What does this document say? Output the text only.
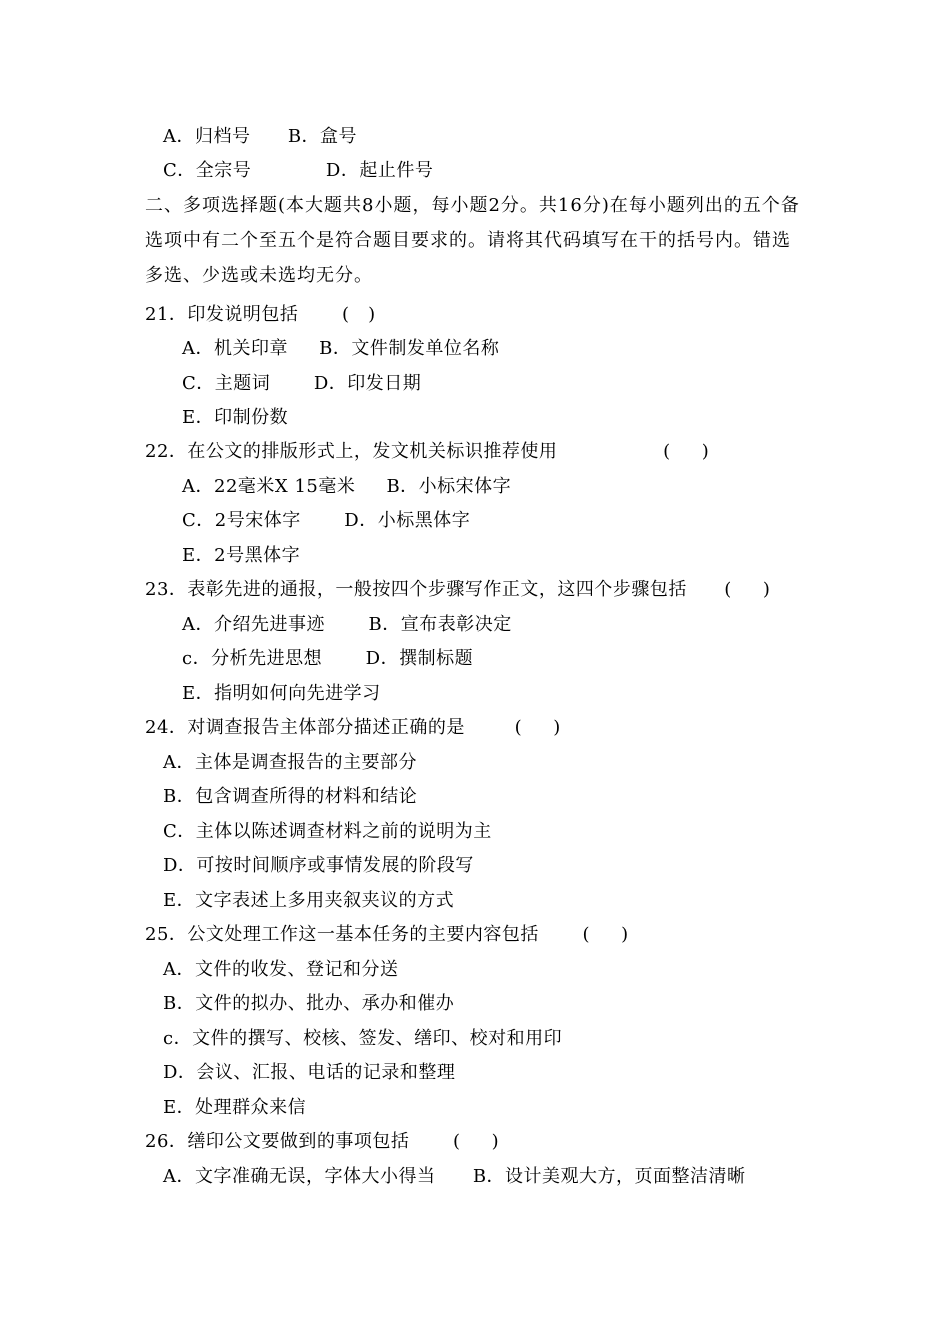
A．归档号      B．盒号
C．全宗号            D．起止件号
二、多项选择题(本大题共8小题，每小题2分。共16分)在每小题列出的五个备
选项中有二个至五个是符合题目要求的。请将其代码填写在干的括号内。错选
多选、少选或未选均无分。
21．印发说明包括       (   )
A．机关印章     B．文件制发单位名称
C．主题词       D．印发日期
E．印制份数
22．在公文的排版形式上，发文机关标识推荐使用                 (     )
A．22毫米X 15毫米     B．小标宋体字
C．2号宋体字       D．小标黑体字
E．2号黑体字
23．表彰先进的通报，一般按四个步骤写作正文，这四个步骤包括      (     )
A．介绍先进事迹       B．宣布表彰决定
c．分析先进思想       D．撰制标题
E．指明如何向先进学习
24．对调查报告主体部分描述正确的是        (     )
A．主体是调查报告的主要部分
B．包含调查所得的材料和结论
C．主体以陈述调查材料之前的说明为主
D．可按时间顺序或事情发展的阶段写
E．文字表述上多用夹叙夹议的方式
25．公文处理工作这一基本任务的主要内容包括       (     )
A．文件的收发、登记和分送
B．文件的拟办、批办、承办和催办
c．文件的撰写、校核、签发、缮印、校对和用印
D．会议、汇报、电话的记录和整理
E．处理群众来信
26．缮印公文要做到的事项包括       (     )
A．文字准确无误，字体大小得当      B．设计美观大方，页面整洁清晰
